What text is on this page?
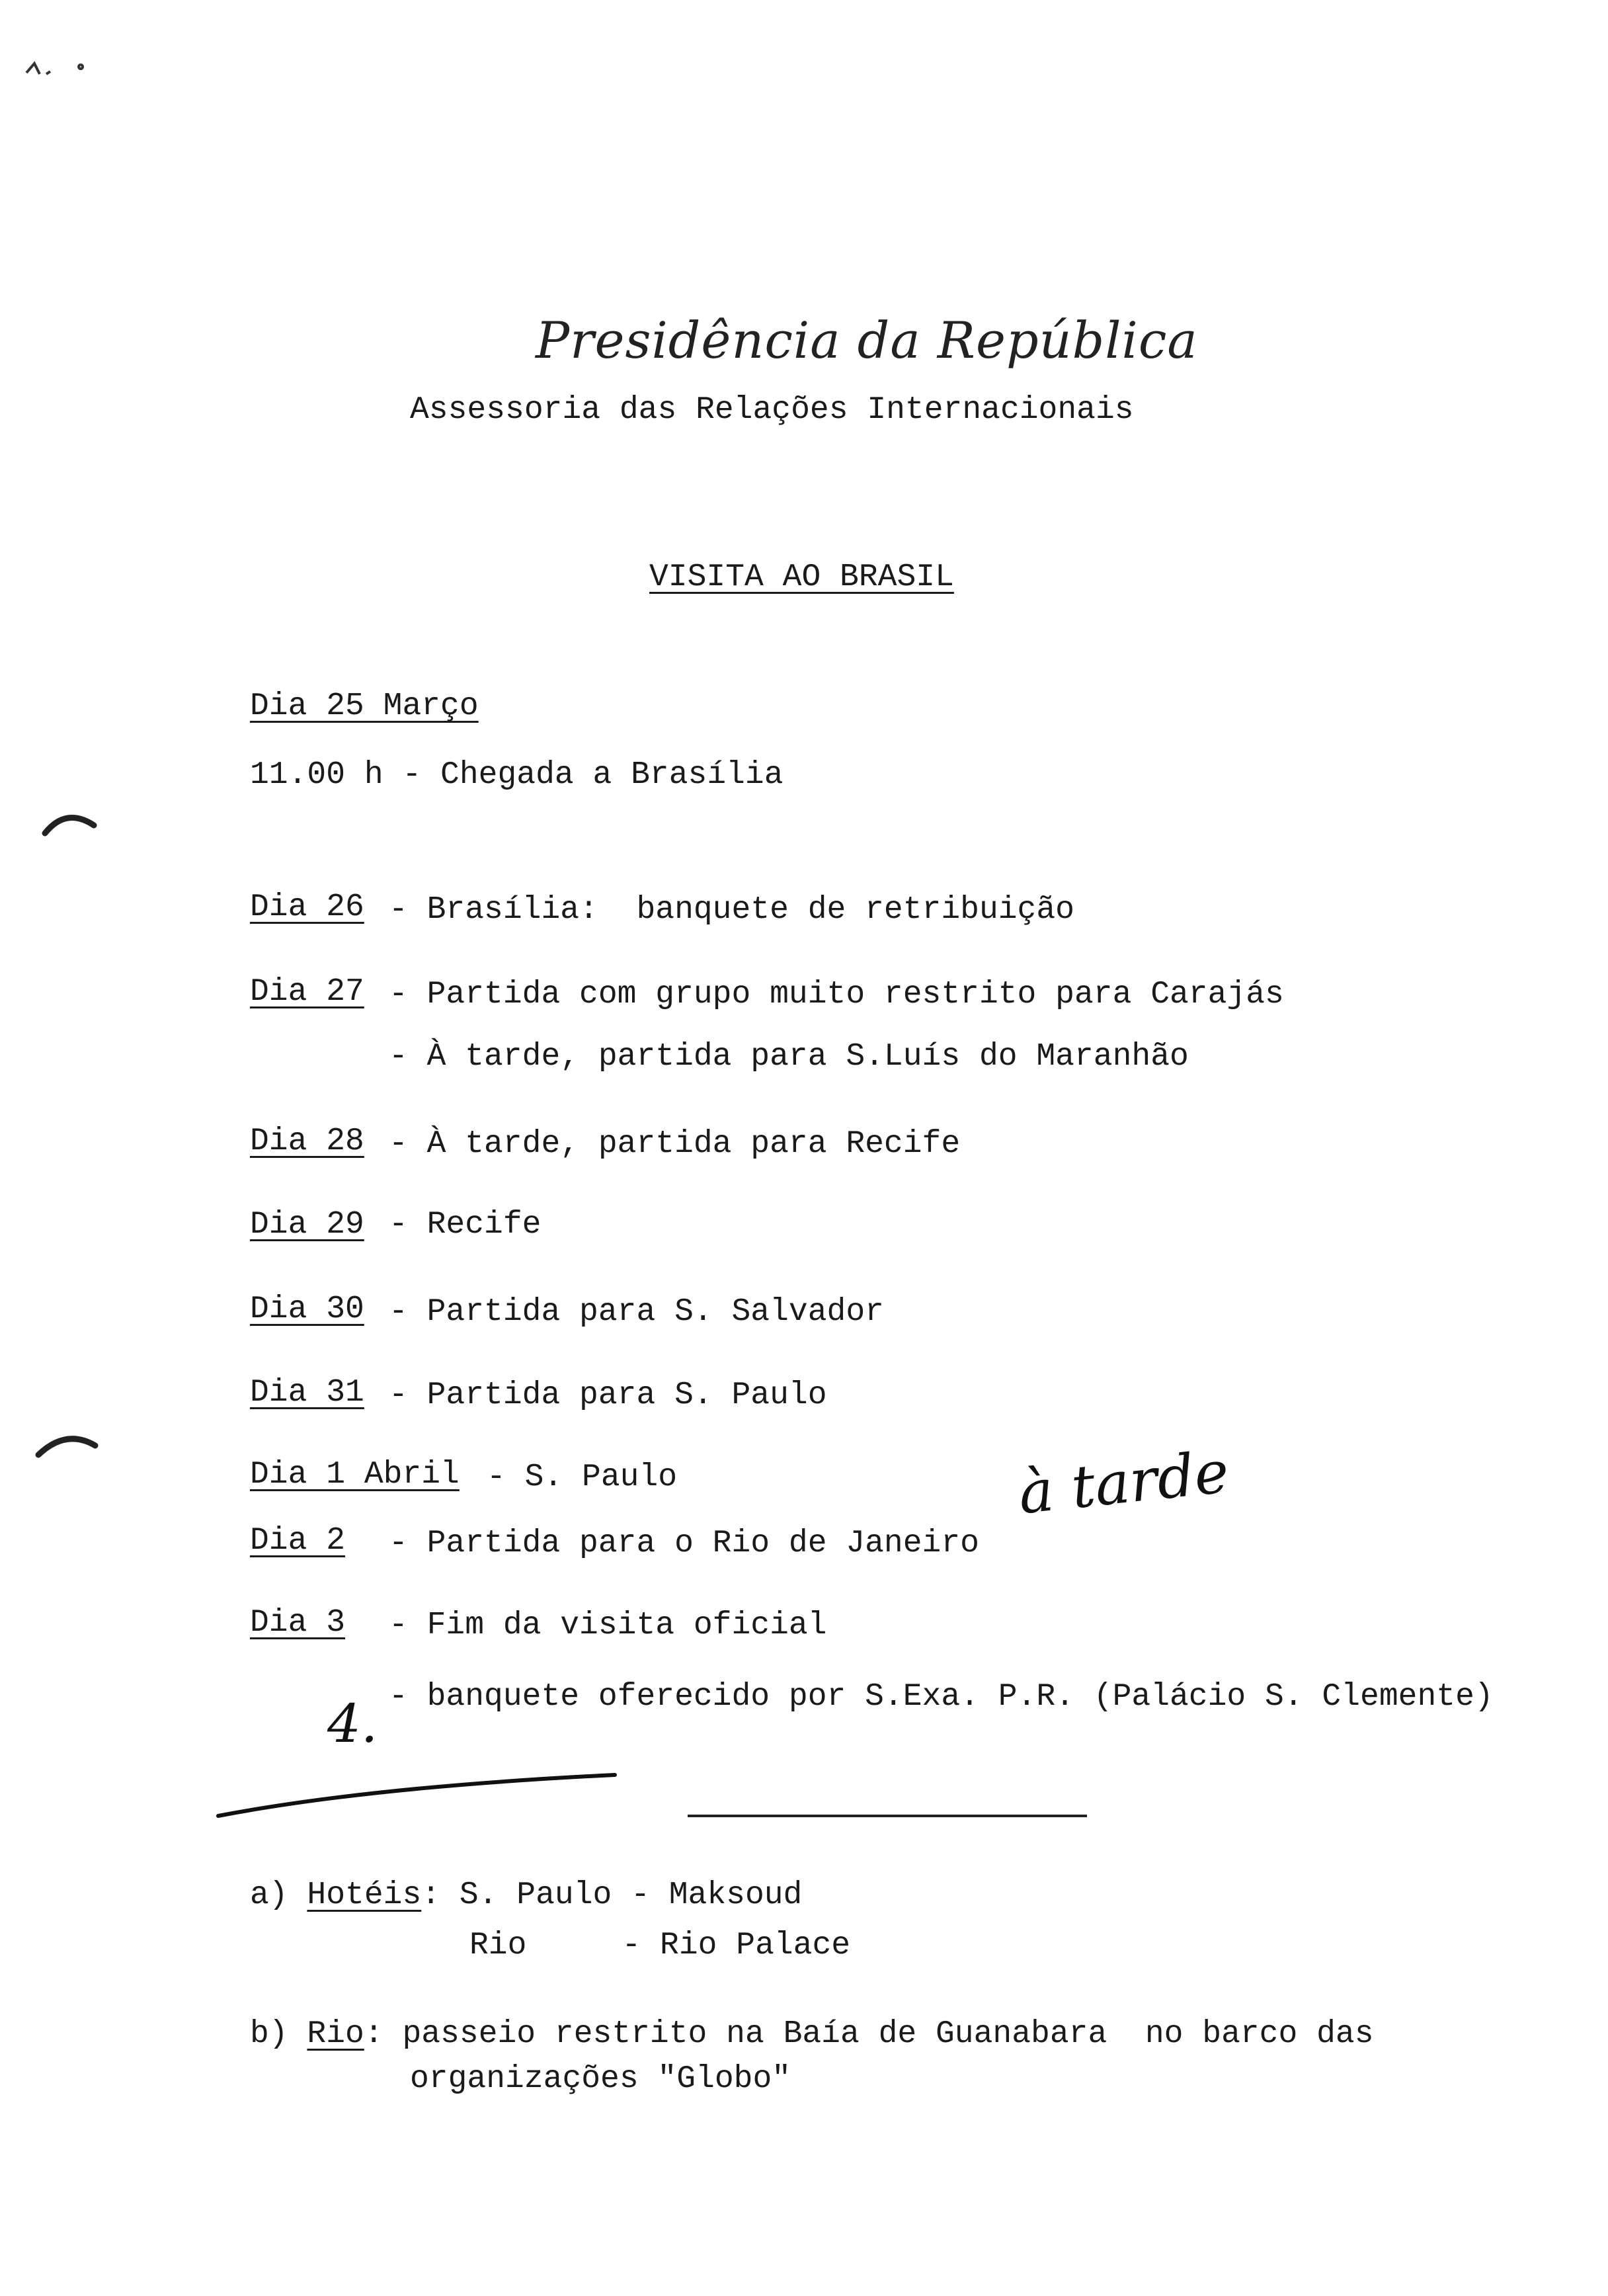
Presidência da República
Assessoria das Relações Internacionais
VISITA AO BRASIL
Dia 25 Março
11.00 h - Chegada a Brasília
Dia 26 - Brasília:  banquete de retribuição
Dia 27 - Partida com grupo muito restrito para Carajás
- À tarde, partida para S.Luís do Maranhão
Dia 28 - À tarde, partida para Recife
Dia 29 - Recife
Dia 30 - Partida para S. Salvador
Dia 31 - Partida para S. Paulo
Dia 1 Abril - S. Paulo
Dia 2 - Partida para o Rio de Janeiro
Dia 3 - Fim da visita oficial
- banquete oferecido por S.Exa. P.R. (Palácio S. Clemente)
à tarde
4.
a) Hotéis: S. Paulo - Maksoud
Rio     - Rio Palace
b) Rio: passeio restrito na Baía de Guanabara  no barco das
organizações "Globo"
